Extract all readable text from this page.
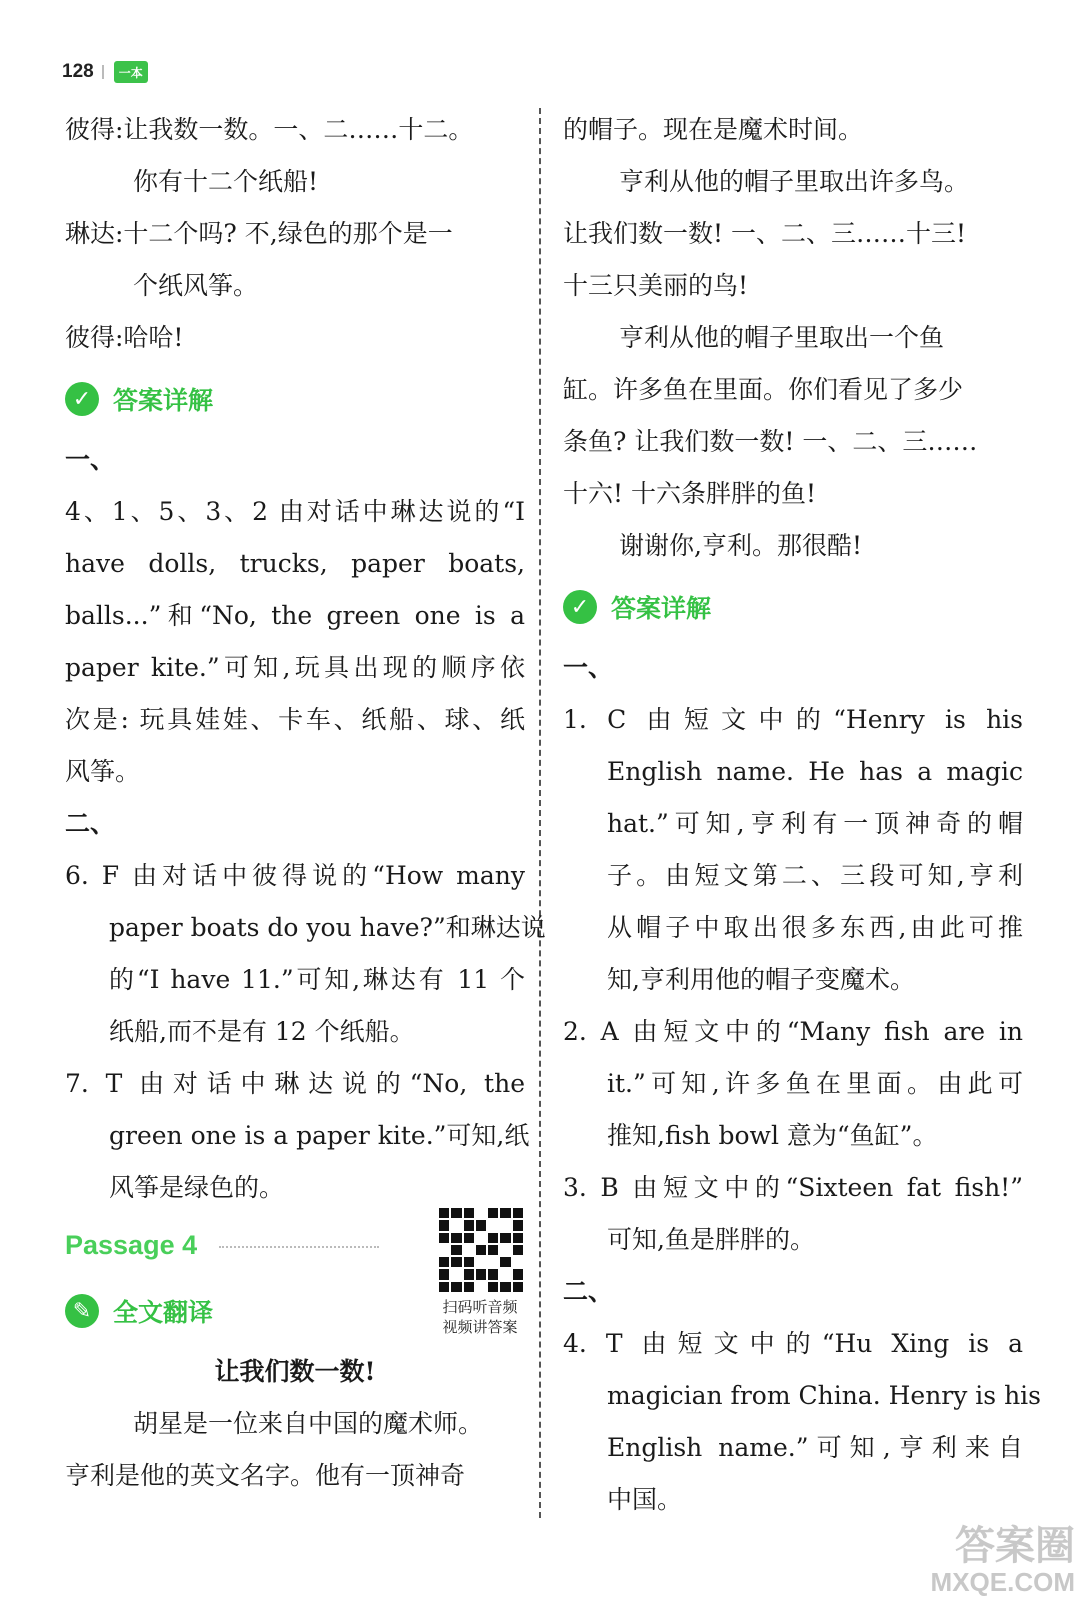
128	一本
彼得:让我数一数。一、二……十二。
你有十二个纸船!
琳达:十二个吗? 不,绿色的那个是一
个纸风筝。
彼得:哈哈!
✓ 答案详解
一、
4、1、5、3、2 由对话中琳达说的“I
have dolls, trucks, paper boats,
balls...”和“No, the green one is a
paper kite.”可知,玩具出现的顺序依
次是: 玩具娃娃、卡车、纸船、球、纸
风筝。
二、
6. F 由对话中彼得说的“How many
paper boats do you have?”和琳达说
的“I have 11.”可知,琳达有 11 个
纸船,而不是有 12 个纸船。
7. T 由对话中琳达说的“No, the
green one is a paper kite.”可知,纸
风筝是绿色的。
Passage 4
扫码听音频 视频讲答案
✎ 全文翻译
让我们数一数!
胡星是一位来自中国的魔术师。
亨利是他的英文名字。他有一顶神奇
的帽子。现在是魔术时间。
亨利从他的帽子里取出许多鸟。
让我们数一数! 一、二、三……十三!
十三只美丽的鸟!
亨利从他的帽子里取出一个鱼
缸。许多鱼在里面。你们看见了多少
条鱼? 让我们数一数! 一、二、三……
十六! 十六条胖胖的鱼!
谢谢你,亨利。那很酷!
✓ 答案详解
一、
1. C 由短文中的“Henry is his
English name. He has a magic
hat.”可知,亨利有一顶神奇的帽
子。由短文第二、三段可知,亨利
从帽子中取出很多东西,由此可推
知,亨利用他的帽子变魔术。
2. A 由短文中的“Many fish are in
it.”可知,许多鱼在里面。由此可
推知,fish bowl 意为“鱼缸”。
3. B 由短文中的“Sixteen fat fish!”
可知,鱼是胖胖的。
二、
4. T 由短文中的“Hu Xing is a
magician from China. Henry is his
English name.”可知,亨利来自
中国。
答案圈
MXQE.COM
